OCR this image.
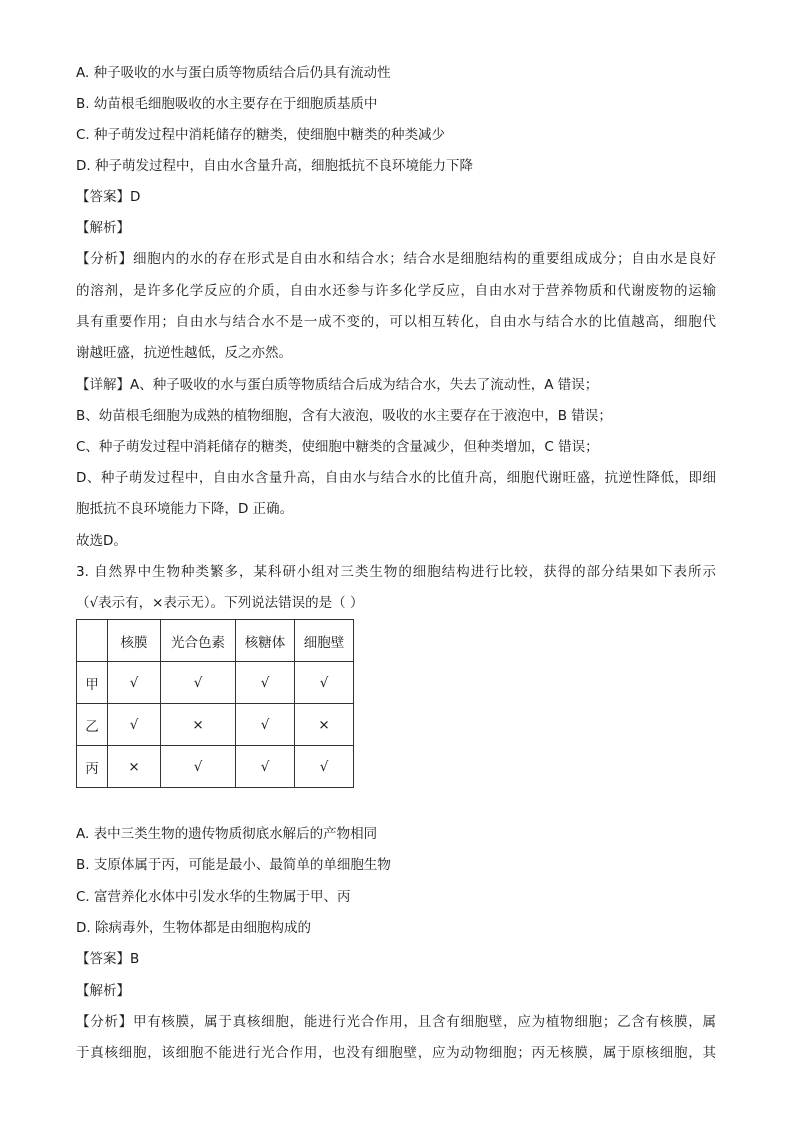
A. 种子吸收的水与蛋白质等物质结合后仍具有流动性
B. 幼苗根毛细胞吸收的水主要存在于细胞质基质中
C. 种子萌发过程中消耗储存的糖类，使细胞中糖类的种类减少
D. 种子萌发过程中，自由水含量升高，细胞抵抗不良环境能力下降
【答案】D
【解析】
【分析】细胞内的水的存在形式是自由水和结合水；结合水是细胞结构的重要组成成分；自由水是良好
的溶剂，是许多化学反应的介质，自由水还参与许多化学反应，自由水对于营养物质和代谢废物的运输
具有重要作用；自由水与结合水不是一成不变的，可以相互转化，自由水与结合水的比值越高，细胞代
谢越旺盛，抗逆性越低，反之亦然。
【详解】A、种子吸收的水与蛋白质等物质结合后成为结合水，失去了流动性，A 错误；
B、幼苗根毛细胞为成熟的植物细胞，含有大液泡，吸收的水主要存在于液泡中，B 错误；
C、种子萌发过程中消耗储存的糖类，使细胞中糖类的含量减少，但种类增加，C 错误；
D、种子萌发过程中，自由水含量升高，自由水与结合水的比值升高，细胞代谢旺盛，抗逆性降低，即细
胞抵抗不良环境能力下降，D 正确。
故选D。
3. 自然界中生物种类繁多，某科研小组对三类生物的细胞结构进行比较，获得的部分结果如下表所示
（√表示有，×表示无）。下列说法错误的是（ ）
	核膜	光合色素	核糖体	细胞壁
甲	√	√	√	√
乙	√	×	√	×
丙	×	√	√	√
A. 表中三类生物的遗传物质彻底水解后的产物相同
B. 支原体属于丙，可能是最小、最简单的单细胞生物
C. 富营养化水体中引发水华的生物属于甲、丙
D. 除病毒外，生物体都是由细胞构成的
【答案】B
【解析】
【分析】甲有核膜，属于真核细胞，能进行光合作用，且含有细胞壁，应为植物细胞；乙含有核膜，属
于真核细胞，该细胞不能进行光合作用，也没有细胞壁，应为动物细胞；丙无核膜，属于原核细胞，其
